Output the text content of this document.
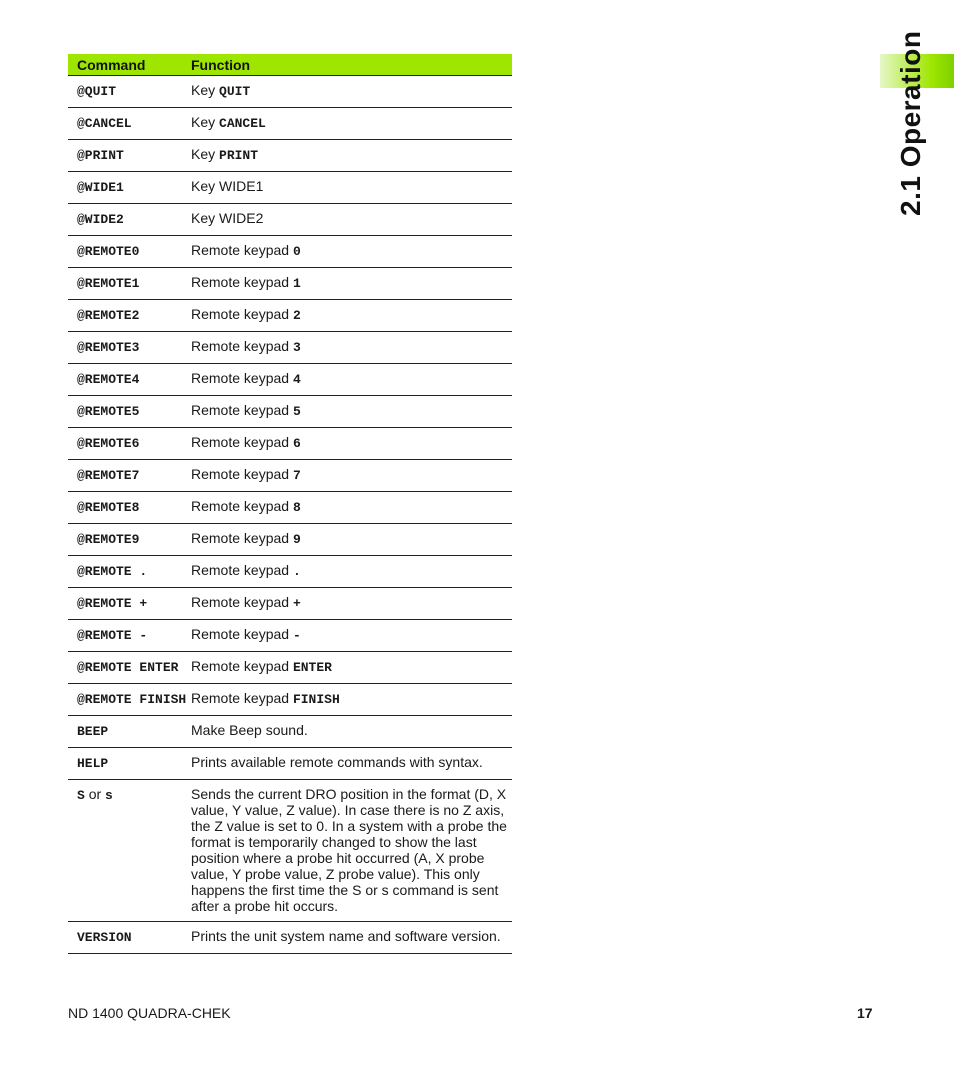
2.1 Operation
Command	Function
@QUIT	Key QUIT
@CANCEL	Key CANCEL
@PRINT	Key PRINT
@WIDE1	Key WIDE1
@WIDE2	Key WIDE2
@REMOTE0	Remote keypad 0
@REMOTE1	Remote keypad 1
@REMOTE2	Remote keypad 2
@REMOTE3	Remote keypad 3
@REMOTE4	Remote keypad 4
@REMOTE5	Remote keypad 5
@REMOTE6	Remote keypad 6
@REMOTE7	Remote keypad 7
@REMOTE8	Remote keypad 8
@REMOTE9	Remote keypad 9
@REMOTE .	Remote keypad .
@REMOTE +	Remote keypad +
@REMOTE -	Remote keypad -
@REMOTE ENTER	Remote keypad ENTER
@REMOTE FINISH	Remote keypad FINISH
BEEP	Make Beep sound.
HELP	Prints available remote commands with syntax.
S or s	Sends the current DRO position in the format (D, X value, Y value, Z value). In case there is no Z axis, the Z value is set to 0. In a system with a probe the format is temporarily changed to show the last position where a probe hit occurred (A, X probe value, Y probe value, Z probe value). This only happens the first time the S or s command is sent after a probe hit occurs.
VERSION	Prints the unit system name and software version.
ND 1400 QUADRA-CHEK	17
